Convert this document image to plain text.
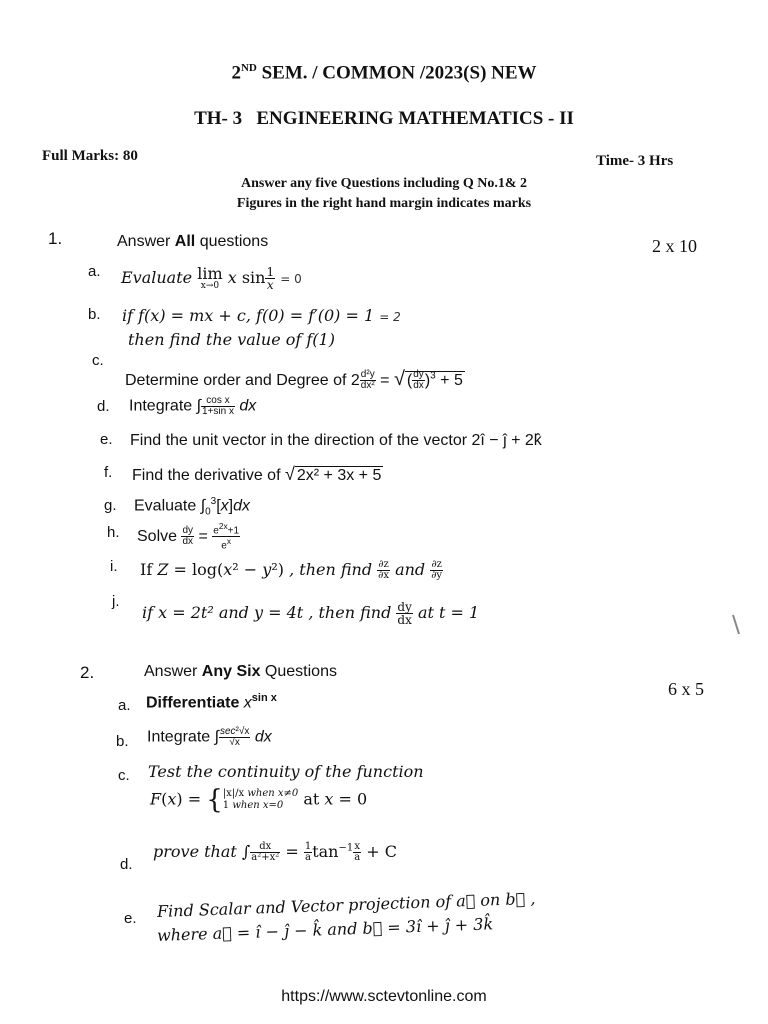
2ND SEM. / COMMON /2023(S) NEW
TH- 3   ENGINEERING MATHEMATICS - II
Full Marks: 80	Time- 3 Hrs
Answer any five Questions including Q No.1& 2
Figures in the right hand margin indicates marks
1.	Answer All questions	2 x 10
a. Evaluate lim
x→0 x $\sin \frac{1}{x} = 0$
b. if f(x) = mx + c, f(0) = f′(0) = 1 = 2
then find the value of f(1)
c.
Determine order and Degree of $2 \frac{\text{d²y}}{\text{dx²}}$ = √ ( $\frac{dy}{dx} )^3 + 5$
d. Integrate ∫ $\frac{\text{cos x}}{\text{1+sin x}}$ dx
e. Find the unit vector in the direction of the vector 2î − ĵ + 2k̂
f. Find the derivative of √ 2x² + 3x + 5
g. Evaluate $\int_0^3[x]dx$
h. Solve $\frac{dy}{dx} = \frac{e^{2x}+1}{e^x}$
i. If Z = log(x² − y²) , then find $\frac{\partial z}{\partial x}$ and $\frac{\partial z}{\partial y}$
j.
if x = 2t² and y = 4t , then find $\frac{dy}{dx}$ at t = 1
2.	Answer Any Six Questions
6 x 5
a. Differentiate $x^{sin x}$
b. Integrate ∫ $\frac{\text{sec²√x}}{√x}$ dx
c. Test the continuity of the function
F(x) = { |x|/x when x≠0
1 when x=0 at x = 0
d.
prove that ∫ $\frac{dx}{\text{a²+x²}} = \frac{1}{a} \tan^{-1} \frac{x}{a} + C$
e. Find Scalar and Vector projection of a⃗ on b⃗ ,
where a⃗ = î − ĵ − k̂ and b⃗ = 3î + ĵ + 3k̂
https://www.sctevtonline.com
